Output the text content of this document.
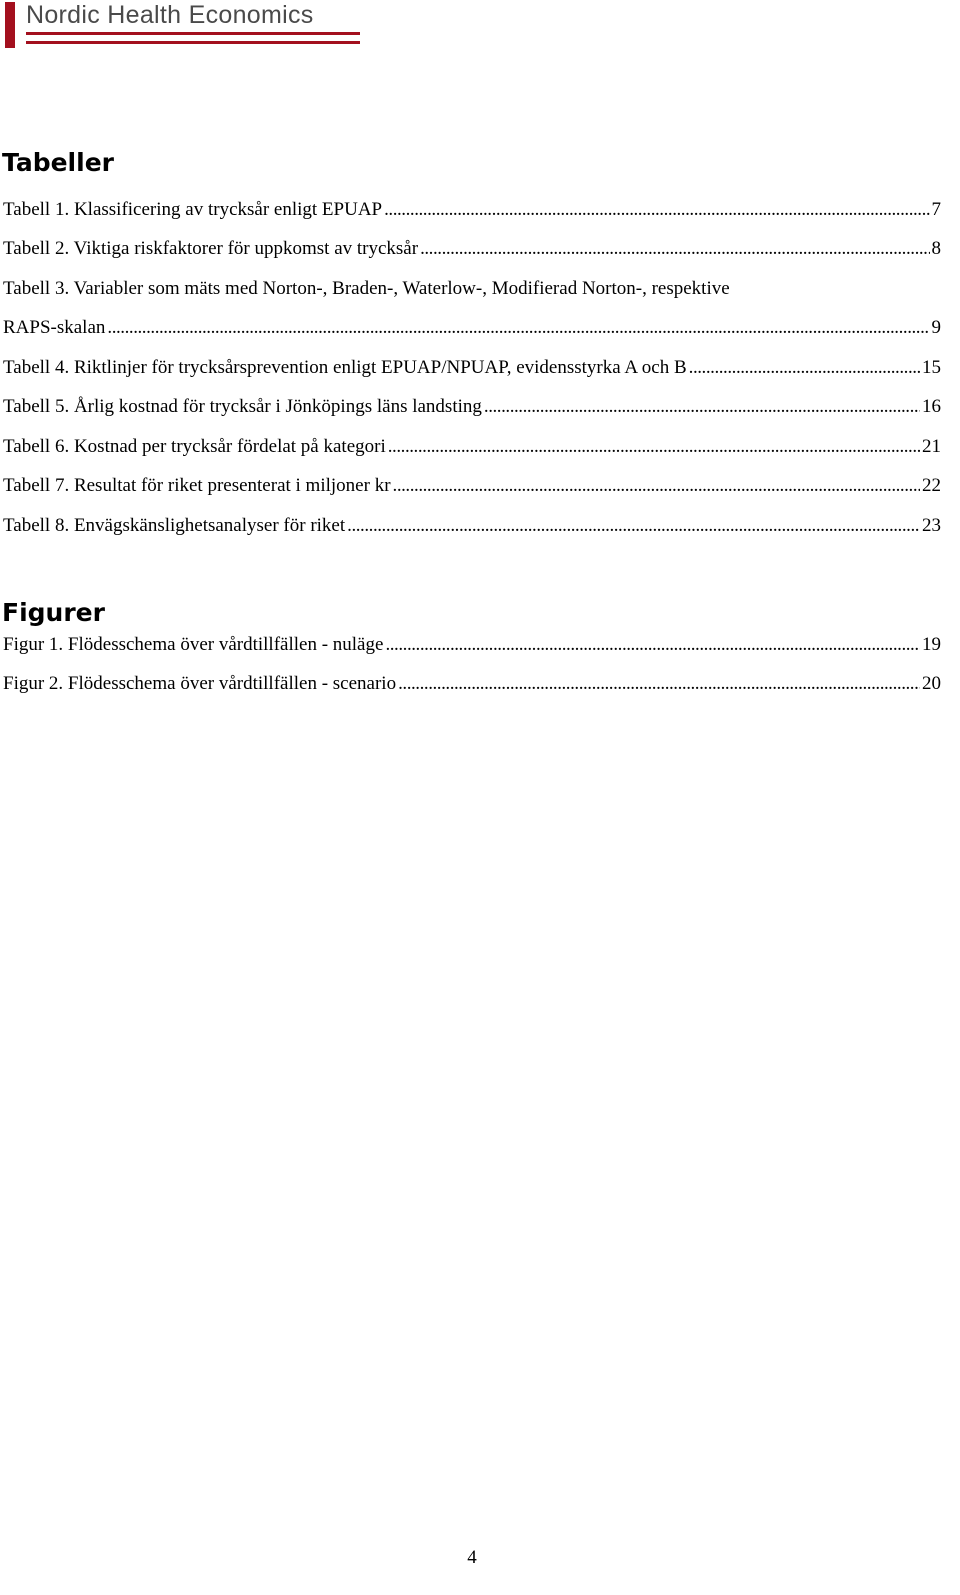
Nordic Health Economics
Tabeller
Tabell 1. Klassificering av trycksår enligt EPUAP . . .	7
Tabell 2. Viktiga riskfaktorer för uppkomst av trycksår . . .	8
Tabell 3. Variabler som mäts med Norton-, Braden-, Waterlow-, Modifierad Norton-, respektive
RAPS-skalan . . .	9
Tabell 4. Riktlinjer för trycksårsprevention enligt EPUAP/NPUAP, evidensstyrka A och B . . .	15
Tabell 5. Årlig kostnad för trycksår i Jönköpings läns landsting . . .	16
Tabell 6. Kostnad per trycksår fördelat på kategori . . .	21
Tabell 7. Resultat för riket presenterat i miljoner kr . . .	22
Tabell 8. Envägskänslighetsanalyser för riket . . .	23
Figurer
Figur 1. Flödesschema över vårdtillfällen - nuläge . . .	19
Figur 2. Flödesschema över vårdtillfällen - scenario . . .	20
4
